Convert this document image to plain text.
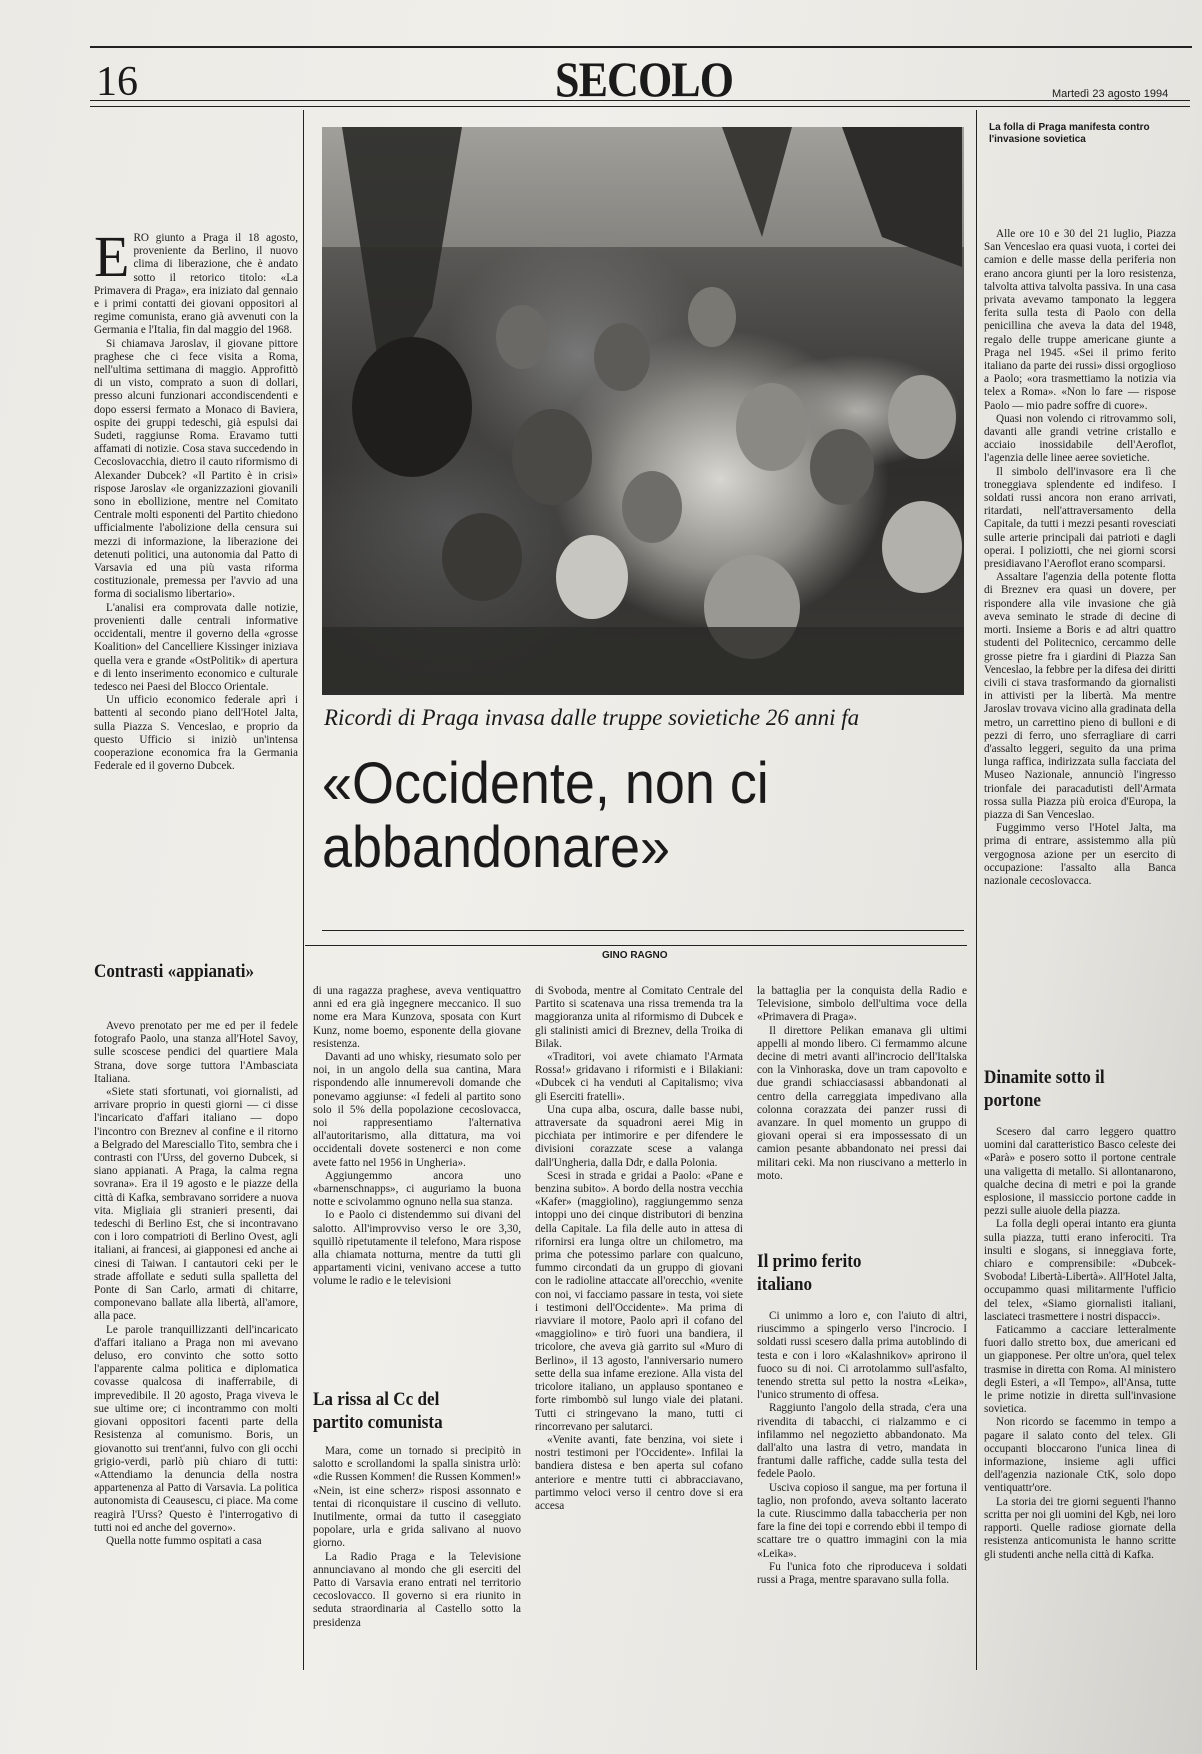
16	SECOLO	Martedì 23 agosto 1994
La folla di Praga manifesta contro l'invasione sovietica
Ricordi di Praga invasa dalle truppe sovietiche 26 anni fa
«Occidente, non ci abbandonare»
GINO RAGNO

ERO giunto a Praga il 18 agosto, proveniente da Berlino, il nuovo clima di liberazione, che è andato sotto il retorico titolo: «La Primavera di Praga», era iniziato dal gennaio e i primi contatti dei giovani oppositori al regime comunista, erano già avvenuti con la Germania e l'Italia, fin dal maggio del 1968.

Si chiamava Jaroslav, il giovane pittore praghese che ci fece visita a Roma, nell'ultima settimana di maggio. Approfittò di un visto, comprato a suon di dollari, presso alcuni funzionari accondiscendenti e dopo essersi fermato a Monaco di Baviera, ospite dei gruppi tedeschi, già espulsi dai Sudeti, raggiunse Roma. Eravamo tutti affamati di notizie. Cosa stava succedendo in Cecoslovacchia, dietro il cauto riformismo di Alexander Dubcek? «Il Partito è in crisi» rispose Jaroslav «le organizzazioni giovanili sono in ebollizione, mentre nel Comitato Centrale molti esponenti del Partito chiedono ufficialmente l'abolizione della censura sui mezzi di informazione, la liberazione dei detenuti politici, una autonomia dal Patto di Varsavia ed una più vasta riforma costituzionale, premessa per l'avvio ad una forma di socialismo libertario».

L'analisi era comprovata dalle notizie, provenienti dalle centrali informative occidentali, mentre il governo della «grosse Koalition» del Cancelliere Kissinger iniziava quella vera e grande «OstPolitik» di apertura e di lento inserimento economico e culturale tedesco nei Paesi del Blocco Orientale.

Un ufficio economico federale aprì i battenti al secondo piano dell'Hotel Jalta, sulla Piazza S. Venceslao, e proprio da questo Ufficio si iniziò un'intensa cooperazione economica fra la Germania Federale ed il governo Dubcek.

Contrasti «appianati»

Avevo prenotato per me ed per il fedele fotografo Paolo, una stanza all'Hotel Savoy, sulle scoscese pendici del quartiere Mala Strana, dove sorge tuttora l'Ambasciata Italiana.

«Siete stati sfortunati, voi giornalisti, ad arrivare proprio in questi giorni — ci disse l'incaricato d'affari italiano — dopo l'incontro con Breznev al confine e il ritorno a Belgrado del Maresciallo Tito, sembra che i contrasti con l'Urss, del governo Dubcek, si siano appianati. A Praga, la calma regna sovrana». Era il 19 agosto e le piazze della città di Kafka, sembravano sorridere a nuova vita. Migliaia gli stranieri presenti, dai tedeschi di Berlino Est, che si incontravano con i loro compatrioti di Berlino Ovest, agli italiani, ai francesi, ai giapponesi ed anche ai cinesi di Taiwan. I cantautori ceki per le strade affollate e seduti sulla spalletta del Ponte di San Carlo, armati di chitarre, componevano ballate alla libertà, all'amore, alla pace.

Le parole tranquillizzanti dell'incaricato d'affari italiano a Praga non mi avevano deluso, ero convinto che sotto sotto l'apparente calma politica e diplomatica covasse qualcosa di inafferrabile, di imprevedibile. Il 20 agosto, Praga viveva le sue ultime ore; ci incontrammo con molti giovani oppositori facenti parte della Resistenza al comunismo. Boris, un giovanotto sui trent'anni, fulvo con gli occhi grigio-verdi, parlò più chiaro di tutti: «Attendiamo la denuncia della nostra appartenenza al Patto di Varsavia. La politica autonomista di Ceausescu, ci piace. Ma come reagirà l'Urss? Questo è l'interrogativo di tutti noi ed anche del governo».

Quella notte fummo ospitati a casa

di una ragazza praghese, aveva ventiquattro anni ed era già ingegnere meccanico. Il suo nome era Mara Kunzova, sposata con Kurt Kunz, nome boemo, esponente della giovane resistenza.

Davanti ad uno whisky, riesumato solo per noi, in un angolo della sua cantina, Mara rispondendo alle innumerevoli domande che ponevamo aggiunse: «I fedeli al partito sono solo il 5% della popolazione cecoslovacca, noi rappresentiamo l'alternativa all'autoritarismo, alla dittatura, ma voi occidentali dovete sostenerci e non come avete fatto nel 1956 in Ungheria».

Aggiungemmo ancora uno «barnenschnapps», ci auguriamo la buona notte e scivolammo ognuno nella sua stanza.

Io e Paolo ci distendemmo sui divani del salotto. All'improvviso verso le ore 3,30, squillò ripetutamente il telefono, Mara rispose alla chiamata notturna, mentre da tutti gli appartamenti vicini, venivano accese a tutto volume le radio e le televisioni

La rissa al Cc del partito comunista

Mara, come un tornado si precipitò in salotto e scrollandomi la spalla sinistra urlò: «die Russen Kommen! die Russen Kommen!» «Nein, ist eine scherz» risposi assonnato e tentai di riconquistare il cuscino di velluto. Inutilmente, ormai da tutto il caseggiato popolare, urla e grida salivano al nuovo giorno.

La Radio Praga e la Televisione annunciavano al mondo che gli eserciti del Patto di Varsavia erano entrati nel territorio cecoslovacco. Il governo si era riunito in seduta straordinaria al Castello sotto la presidenza

di Svoboda, mentre al Comitato Centrale del Partito si scatenava una rissa tremenda tra la maggioranza unita al riformismo di Dubcek e gli stalinisti amici di Breznev, della Troika di Bilak.

«Traditori, voi avete chiamato l'Armata Rossa!» gridavano i riformisti e i Bilakiani: «Dubcek ci ha venduti al Capitalismo; viva gli Eserciti fratelli».

Una cupa alba, oscura, dalle basse nubi, attraversate da squadroni aerei Mig in picchiata per intimorire e per difendere le divisioni corazzate scese a valanga dall'Ungheria, dalla Ddr, e dalla Polonia.

Scesi in strada e gridai a Paolo: «Pane e benzina subito». A bordo della nostra vecchia «Kafer» (maggiolino), raggiungemmo senza intoppi uno dei cinque distributori di benzina della Capitale. La fila delle auto in attesa di rifornirsi era lunga oltre un chilometro, ma prima che potessimo parlare con qualcuno, fummo circondati da un gruppo di giovani con le radioline attaccate all'orecchio, «venite con noi, vi facciamo passare in testa, voi siete i testimoni dell'Occidente». Ma prima di riavviare il motore, Paolo aprì il cofano del «maggiolino» e tirò fuori una bandiera, il tricolore, che aveva già garrito sul «Muro di Berlino», il 13 agosto, l'anniversario numero sette della sua infame erezione. Alla vista del tricolore italiano, un applauso spontaneo e forte rimbombò sul lungo viale dei platani. Tutti ci stringevano la mano, tutti ci rincorrevano per salutarci.

«Venite avanti, fate benzina, voi siete i nostri testimoni per l'Occidente». Infilai la bandiera distesa e ben aperta sul cofano anteriore e mentre tutti ci abbracciavano, partimmo veloci verso il centro dove si era accesa

la battaglia per la conquista della Radio e Televisione, simbolo dell'ultima voce della «Primavera di Praga».

Il direttore Pelikan emanava gli ultimi appelli al mondo libero. Ci fermammo alcune decine di metri avanti all'incrocio dell'Italska con la Vinhoraska, dove un tram capovolto e due grandi schiacciasassi abbandonati al centro della carreggiata impedivano alla colonna corazzata dei panzer russi di avanzare. In quel momento un gruppo di giovani operai si era impossessato di un camion pesante abbandonato nei pressi dai militari ceki. Ma non riuscivano a metterlo in moto.

Il primo ferito italiano

Ci unimmo a loro e, con l'aiuto di altri, riuscimmo a spingerlo verso l'incrocio. I soldati russi scesero dalla prima autoblindo di testa e con i loro «Kalashnikov» aprirono il fuoco su di noi. Ci arrotolammo sull'asfalto, tenendo stretta sul petto la nostra «Leika», l'unico strumento di offesa.

Raggiunto l'angolo della strada, c'era una rivendita di tabacchi, ci rialzammo e ci infilammo nel negozietto abbandonato. Ma dall'alto una lastra di vetro, mandata in frantumi dalle raffiche, cadde sulla testa del fedele Paolo.

Usciva copioso il sangue, ma per fortuna il taglio, non profondo, aveva soltanto lacerato la cute. Riuscimmo dalla tabaccheria per non fare la fine dei topi e correndo ebbi il tempo di scattare tre o quattro immagini con la mia «Leika».

Fu l'unica foto che riproduceva i soldati russi a Praga, mentre sparavano sulla folla.

Alle ore 10 e 30 del 21 luglio, Piazza San Venceslao era quasi vuota, i cortei dei camion e delle masse della periferia non erano ancora giunti per la loro resistenza, talvolta attiva talvolta passiva. In una casa privata avevamo tamponato la leggera ferita sulla testa di Paolo con della penicillina che aveva la data del 1948, regalo delle truppe americane giunte a Praga nel 1945. «Sei il primo ferito italiano da parte dei russi» dissi orgoglioso a Paolo; «ora trasmettiamo la notizia via telex a Roma». «Non lo fare — rispose Paolo — mio padre soffre di cuore».

Quasi non volendo ci ritrovammo soli, davanti alle grandi vetrine cristallo e acciaio inossidabile dell'Aeroflot, l'agenzia delle linee aeree sovietiche.

Il simbolo dell'invasore era lì che troneggiava splendente ed indifeso. I soldati russi ancora non erano arrivati, ritardati, nell'attraversamento della Capitale, da tutti i mezzi pesanti rovesciati sulle arterie principali dai patrioti e dagli operai. I poliziotti, che nei giorni scorsi presidiavano l'Aeroflot erano scomparsi.

Assaltare l'agenzia della potente flotta di Breznev era quasi un dovere, per rispondere alla vile invasione che già aveva seminato le strade di decine di morti. Insieme a Boris e ad altri quattro studenti del Politecnico, cercammo delle grosse pietre fra i giardini di Piazza San Venceslao, la febbre per la difesa dei diritti civili ci stava trasformando da giornalisti in attivisti per la libertà. Ma mentre Jaroslav trovava vicino alla gradinata della metro, un carrettino pieno di bulloni e di pezzi di ferro, uno sferragliare di carri d'assalto leggeri, seguito da una prima lunga raffica, indirizzata sulla facciata del Museo Nazionale, annunciò l'ingresso trionfale dei paracadutisti dell'Armata rossa sulla Piazza più eroica d'Europa, la piazza di San Venceslao.

Fuggimmo verso l'Hotel Jalta, ma prima di entrare, assistemmo alla più vergognosa azione per un esercito di occupazione: l'assalto alla Banca nazionale cecoslovacca.

Dinamite sotto il portone

Scesero dal carro leggero quattro uomini dal caratteristico Basco celeste dei «Parà» e posero sotto il portone centrale una valigetta di metallo. Si allontanarono, qualche decina di metri e poi la grande esplosione, il massiccio portone cadde in pezzi sulle aiuole della piazza.

La folla degli operai intanto era giunta sulla piazza, tutti erano inferociti. Tra insulti e slogans, si inneggiava forte, chiaro e comprensibile: «Dubcek-Svoboda! Libertà-Libertà». All'Hotel Jalta, occupammo quasi militarmente l'ufficio del telex, «Siamo giornalisti italiani, lasciateci trasmettere i nostri dispacci».

Faticammo a cacciare letteralmente fuori dallo stretto box, due americani ed un giapponese. Per oltre un'ora, quel telex trasmise in diretta con Roma. Al ministero degli Esteri, a «Il Tempo», all'Ansa, tutte le prime notizie in diretta sull'invasione sovietica.

Non ricordo se facemmo in tempo a pagare il salato conto del telex. Gli occupanti bloccarono l'unica linea di informazione, insieme agli uffici dell'agenzia nazionale CtK, solo dopo ventiquattr'ore.

La storia dei tre giorni seguenti l'hanno scritta per noi gli uomini del Kgb, nei loro rapporti. Quelle radiose giornate della resistenza anticomunista le hanno scritte gli studenti anche nella città di Kafka.
